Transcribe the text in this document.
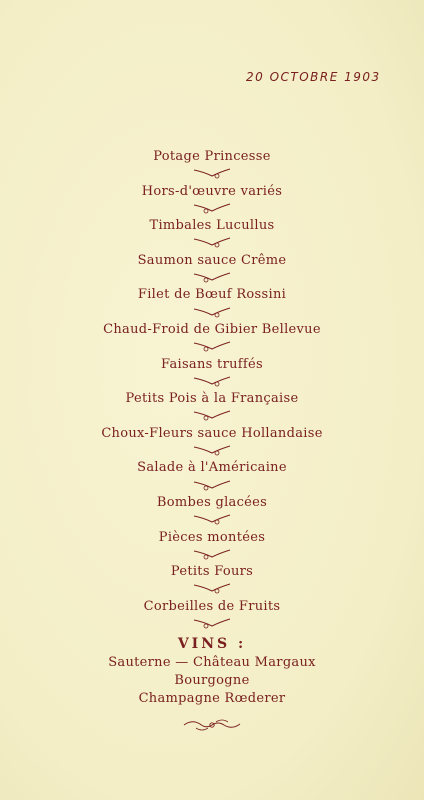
20 OCTOBRE 1903
Potage Princesse
Hors-d'œuvre variés
Timbales Lucullus
Saumon sauce Crême
Filet de Bœuf Rossini
Chaud-Froid de Gibier Bellevue
Faisans truffés
Petits Pois à la Française
Choux-Fleurs sauce Hollandaise
Salade à l'Américaine
Bombes glacées
Pièces montées
Petits Fours
Corbeilles de Fruits
VINS :
Sauterne — Château Margaux
Bourgogne
Champagne Rœderer
